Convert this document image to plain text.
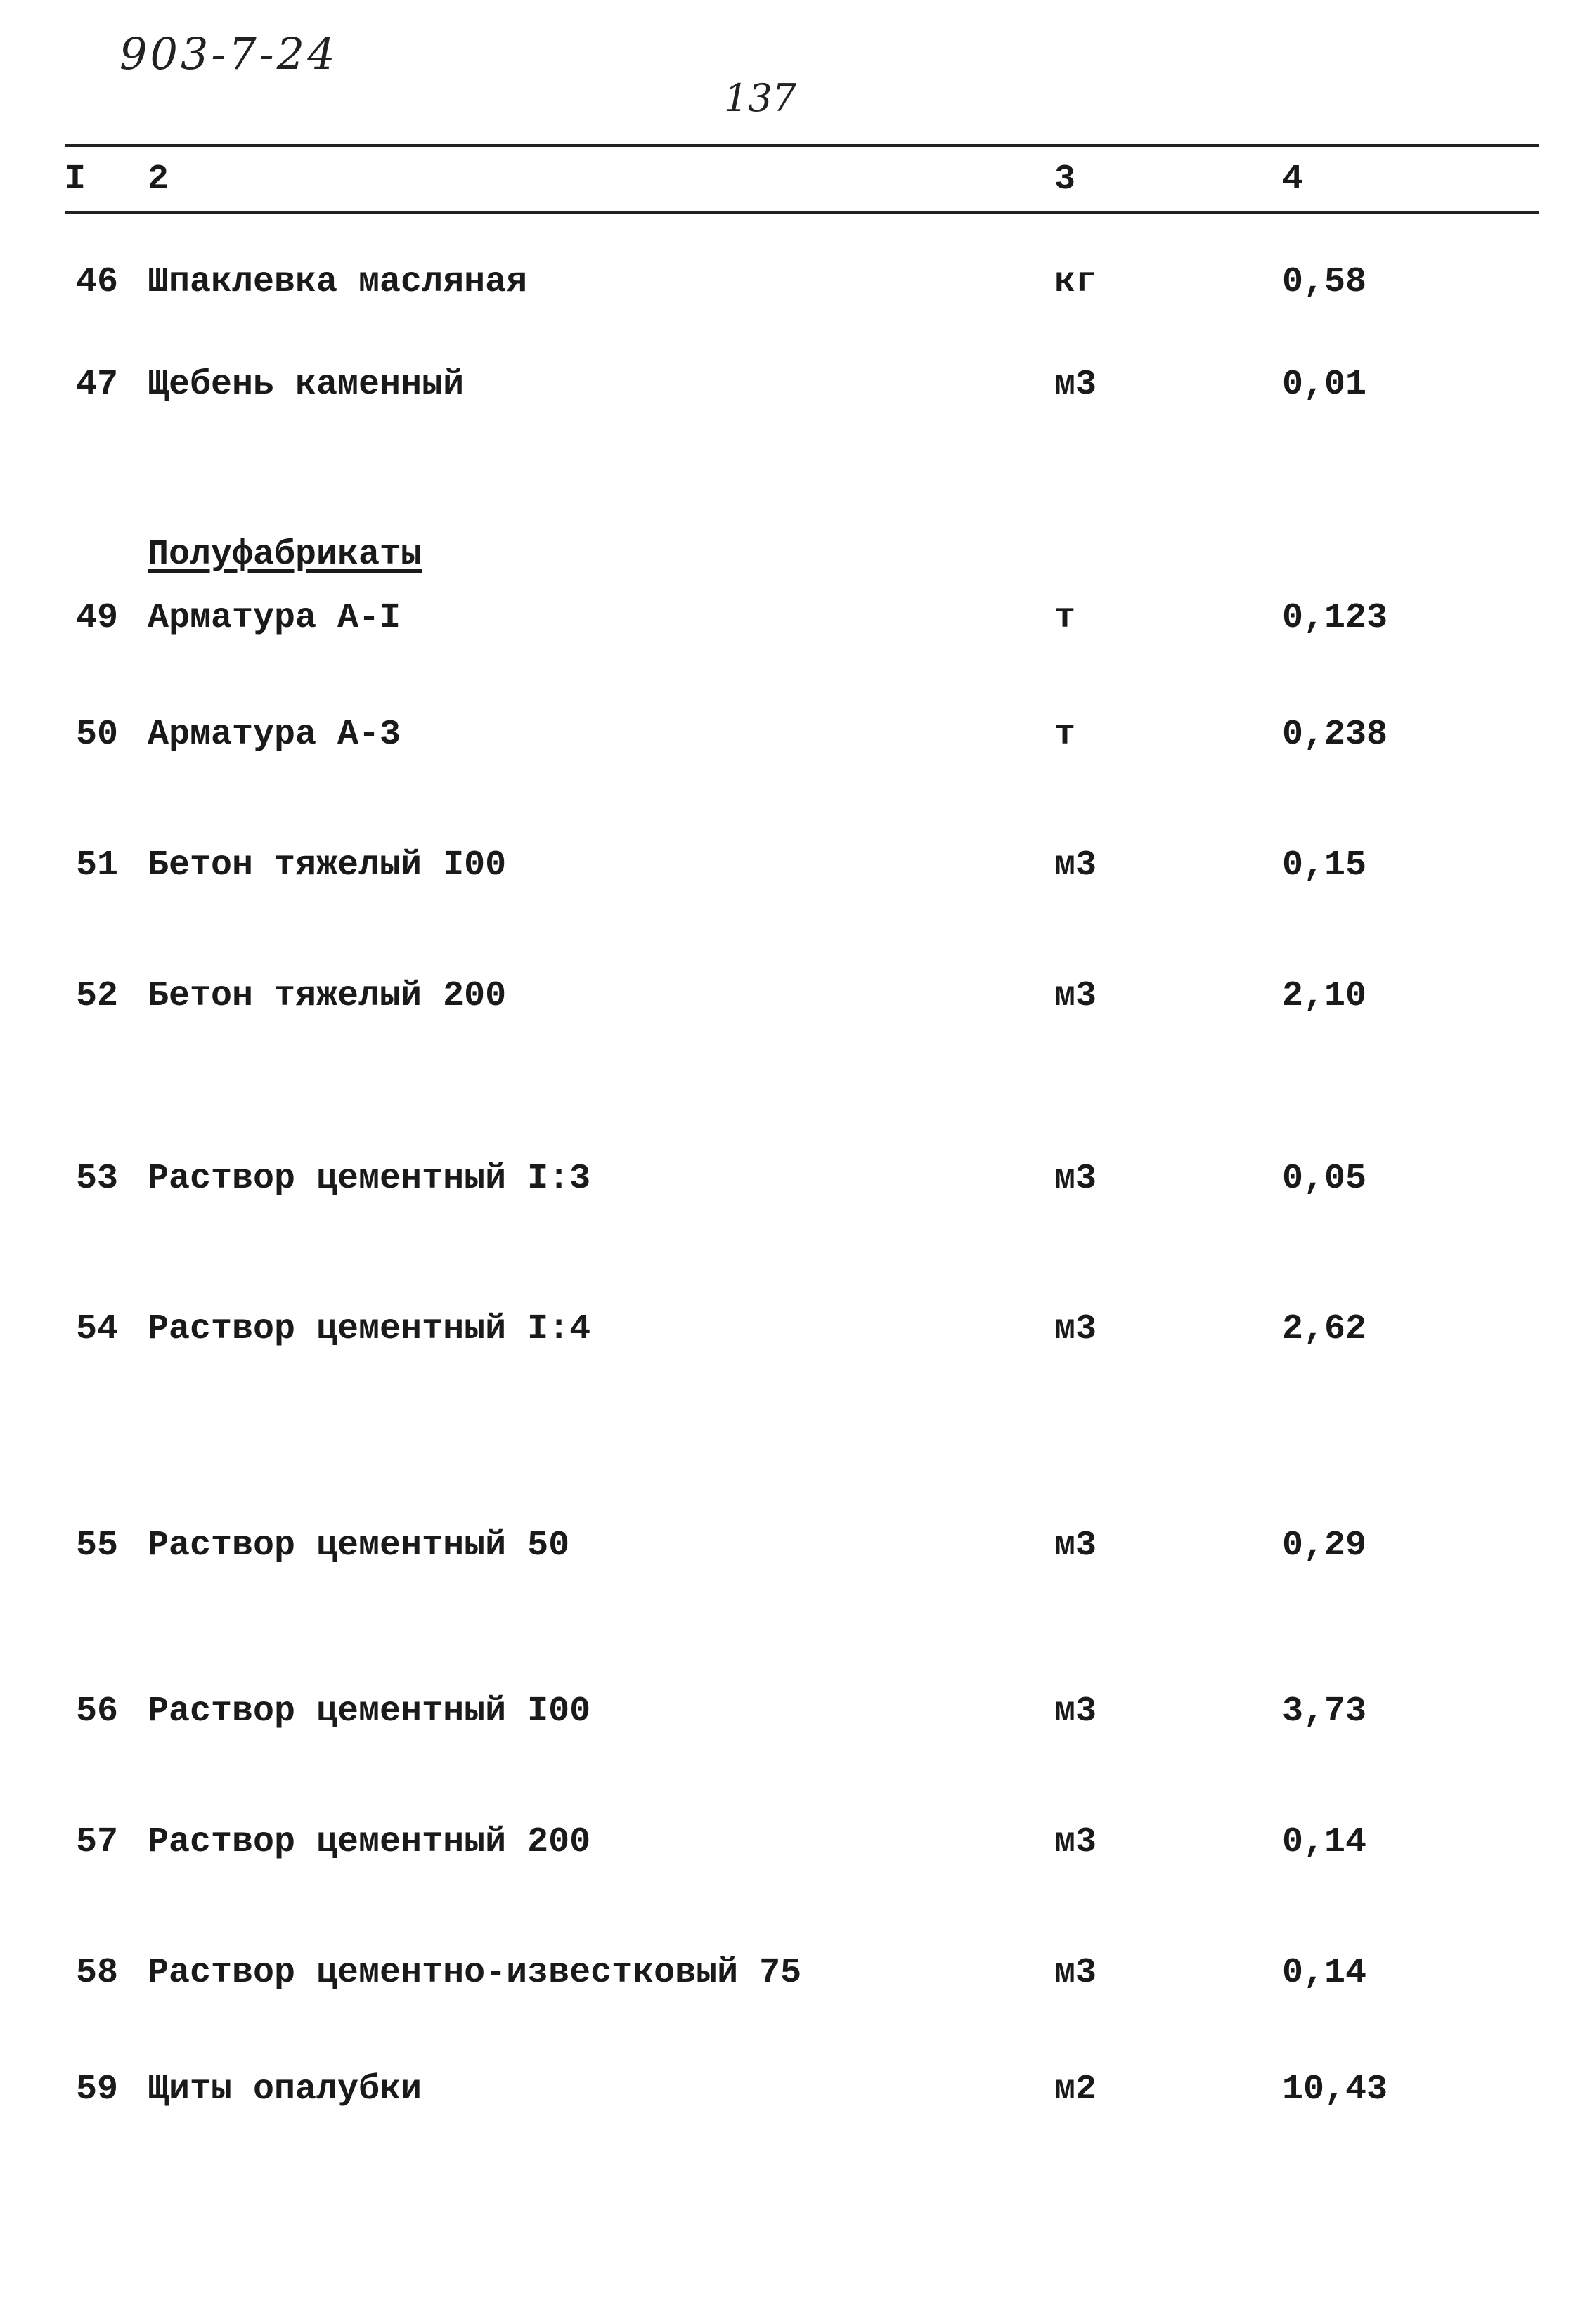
903-7-24
137
I	2	3	4
46 Шпаклевка масляная	кг	0,58
47 Щебень каменный	м3	0,01
Полуфабрикаты
49 Арматура А-I	т	0,123
50 Арматура А-3	т	0,238
51 Бетон тяжелый I00	м3	0,15
52 Бетон тяжелый 200	м3	2,10
53 Раствор цементный I:3	м3	0,05
54 Раствор цементный I:4	м3	2,62
55 Раствор цементный 50	м3	0,29
56 Раствор цементный I00	м3	3,73
57 Раствор цементный 200	м3	0,14
58 Раствор цементно-известковый 75	м3	0,14
59 Щиты опалубки	м2	10,43
